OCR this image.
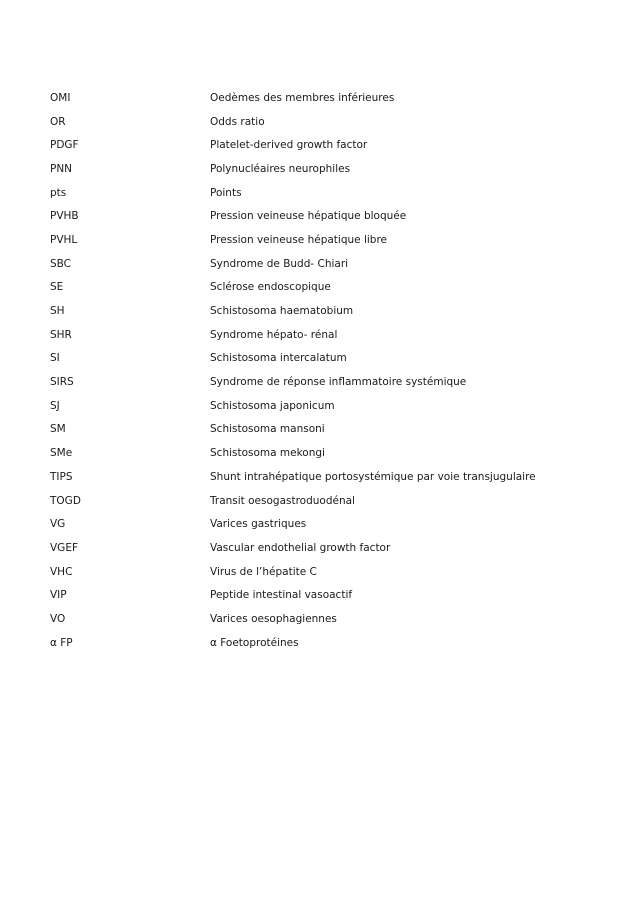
OMI	Oedèmes des membres inférieures
OR	Odds ratio
PDGF	Platelet-derived growth factor
PNN	Polynucléaires neurophiles
pts	Points
PVHB	Pression veineuse hépatique bloquée
PVHL	Pression veineuse hépatique libre
SBC	Syndrome de Budd- Chiari
SE	Sclérose endoscopique
SH	Schistosoma haematobium
SHR	Syndrome hépato- rénal
SI	Schistosoma intercalatum
SIRS	Syndrome de réponse inflammatoire systémique
SJ	Schistosoma japonicum
SM	Schistosoma mansoni
SMe	Schistosoma mekongi
TIPS	Shunt intrahépatique portosystémique par voie transjugulaire
TOGD	Transit oesogastroduodénal
VG	Varices gastriques
VGEF	Vascular endothelial growth factor
VHC	Virus de l’hépatite C
VIP	Peptide intestinal vasoactif
VO	Varices oesophagiennes
α FP	α Foetoprotéines
